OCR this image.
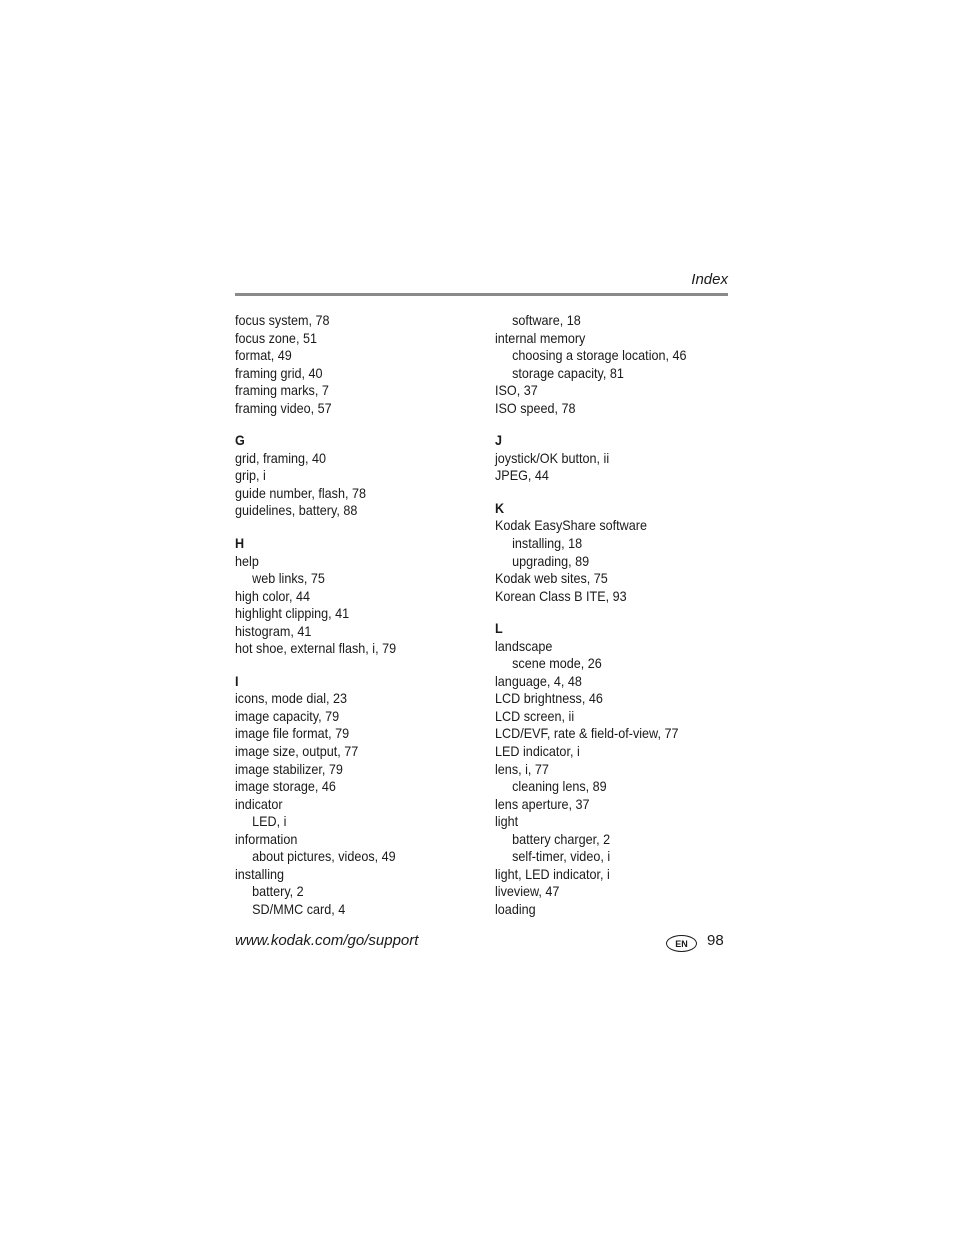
Index
focus system, 78
focus zone, 51
format, 49
framing grid, 40
framing marks, 7
framing video, 57
G
grid, framing, 40
grip, i
guide number, flash, 78
guidelines, battery, 88
H
help
web links, 75
high color, 44
highlight clipping, 41
histogram, 41
hot shoe, external flash, i, 79
I
icons, mode dial, 23
image capacity, 79
image file format, 79
image size, output, 77
image stabilizer, 79
image storage, 46
indicator
LED, i
information
about pictures, videos, 49
installing
battery, 2
SD/MMC card, 4
software, 18
internal memory
choosing a storage location, 46
storage capacity, 81
ISO, 37
ISO speed, 78
J
joystick/OK button, ii
JPEG, 44
K
Kodak EasyShare software
installing, 18
upgrading, 89
Kodak web sites, 75
Korean Class B ITE, 93
L
landscape
scene mode, 26
language, 4, 48
LCD brightness, 46
LCD screen, ii
LCD/EVF, rate & field-of-view, 77
LED indicator, i
lens, i, 77
cleaning lens, 89
lens aperture, 37
light
battery charger, 2
self-timer, video, i
light, LED indicator, i
liveview, 47
loading
www.kodak.com/go/support	EN	98
